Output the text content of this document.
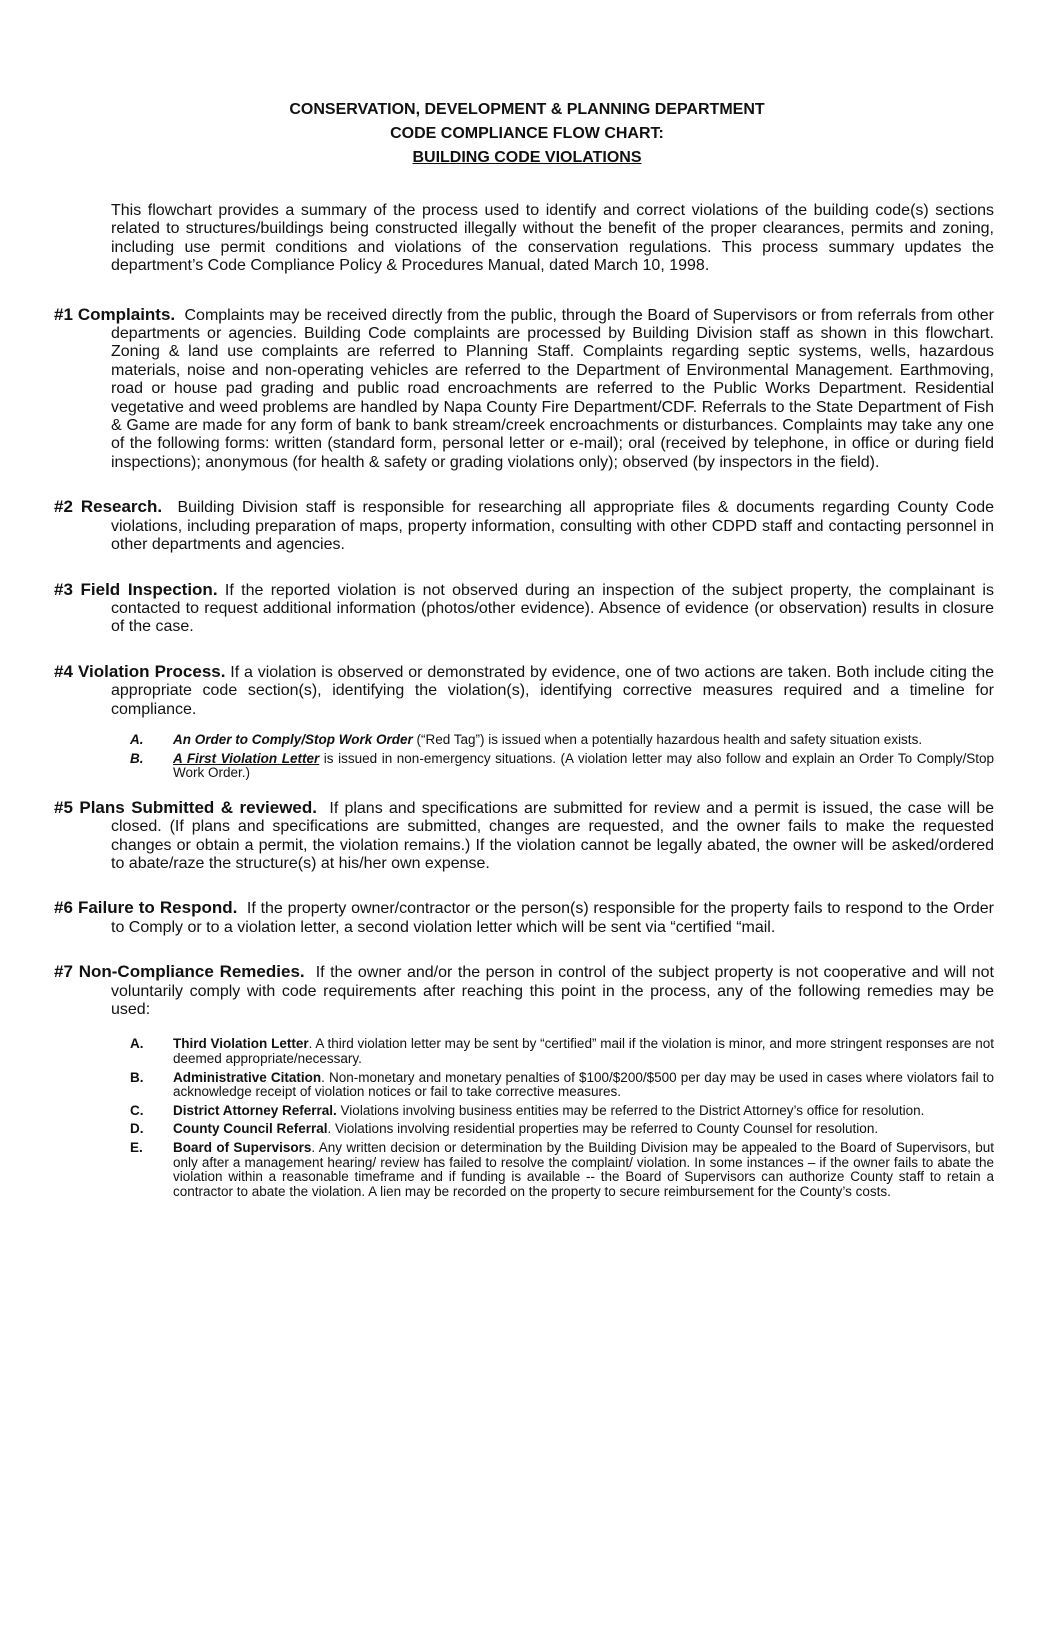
CONSERVATION, DEVELOPMENT & PLANNING DEPARTMENT
CODE COMPLIANCE FLOW CHART:
BUILDING CODE VIOLATIONS

This flowchart provides a summary of the process used to identify and correct violations of the building code(s) sections related to structures/buildings being constructed illegally without the benefit of the proper clearances, permits and zoning, including use permit conditions and violations of the conservation regulations. This process summary updates the department’s Code Compliance Policy & Procedures Manual, dated March 10, 1998.

#1 Complaints. Complaints may be received directly from the public, through the Board of Supervisors or from referrals from other departments or agencies. Building Code complaints are processed by Building Division staff as shown in this flowchart. Zoning & land use complaints are referred to Planning Staff. Complaints regarding septic systems, wells, hazardous materials, noise and non-operating vehicles are referred to the Department of Environmental Management. Earthmoving, road or house pad grading and public road encroachments are referred to the Public Works Department. Residential vegetative and weed problems are handled by Napa County Fire Department/CDF. Referrals to the State Department of Fish & Game are made for any form of bank to bank stream/creek encroachments or disturbances. Complaints may take any one of the following forms: written (standard form, personal letter or e-mail); oral (received by telephone, in office or during field inspections); anonymous (for health & safety or grading violations only); observed (by inspectors in the field).
#2 Research. Building Division staff is responsible for researching all appropriate files & documents regarding County Code violations, including preparation of maps, property information, consulting with other CDPD staff and contacting personnel in other departments and agencies.
#3 Field Inspection. If the reported violation is not observed during an inspection of the subject property, the complainant is contacted to request additional information (photos/other evidence). Absence of evidence (or observation) results in closure of the case.
#4 Violation Process. If a violation is observed or demonstrated by evidence, one of two actions are taken. Both include citing the appropriate code section(s), identifying the violation(s), identifying corrective measures required and a timeline for compliance.
A. An Order to Comply/Stop Work Order (“Red Tag”) is issued when a potentially hazardous health and safety situation exists.
B. A First Violation Letter is issued in non-emergency situations. (A violation letter may also follow and explain an Order To Comply/Stop Work Order.)
#5 Plans Submitted & reviewed. If plans and specifications are submitted for review and a permit is issued, the case will be closed. (If plans and specifications are submitted, changes are requested, and the owner fails to make the requested changes or obtain a permit, the violation remains.) If the violation cannot be legally abated, the owner will be asked/ordered to abate/raze the structure(s) at his/her own expense.
#6 Failure to Respond. If the property owner/contractor or the person(s) responsible for the property fails to respond to the Order to Comply or to a violation letter, a second violation letter which will be sent via “certified “mail.
#7 Non-Compliance Remedies. If the owner and/or the person in control of the subject property is not cooperative and will not voluntarily comply with code requirements after reaching this point in the process, any of the following remedies may be used:
A. Third Violation Letter. A third violation letter may be sent by “certified” mail if the violation is minor, and more stringent responses are not deemed appropriate/necessary.
B. Administrative Citation. Non-monetary and monetary penalties of $100/$200/$500 per day may be used in cases where violators fail to acknowledge receipt of violation notices or fail to take corrective measures.
C. District Attorney Referral. Violations involving business entities may be referred to the District Attorney’s office for resolution.
D. County Council Referral. Violations involving residential properties may be referred to County Counsel for resolution.
E. Board of Supervisors. Any written decision or determination by the Building Division may be appealed to the Board of Supervisors, but only after a management hearing/ review has failed to resolve the complaint/ violation. In some instances – if the owner fails to abate the violation within a reasonable timeframe and if funding is available -- the Board of Supervisors can authorize County staff to retain a contractor to abate the violation. A lien may be recorded on the property to secure reimbursement for the County’s costs.
